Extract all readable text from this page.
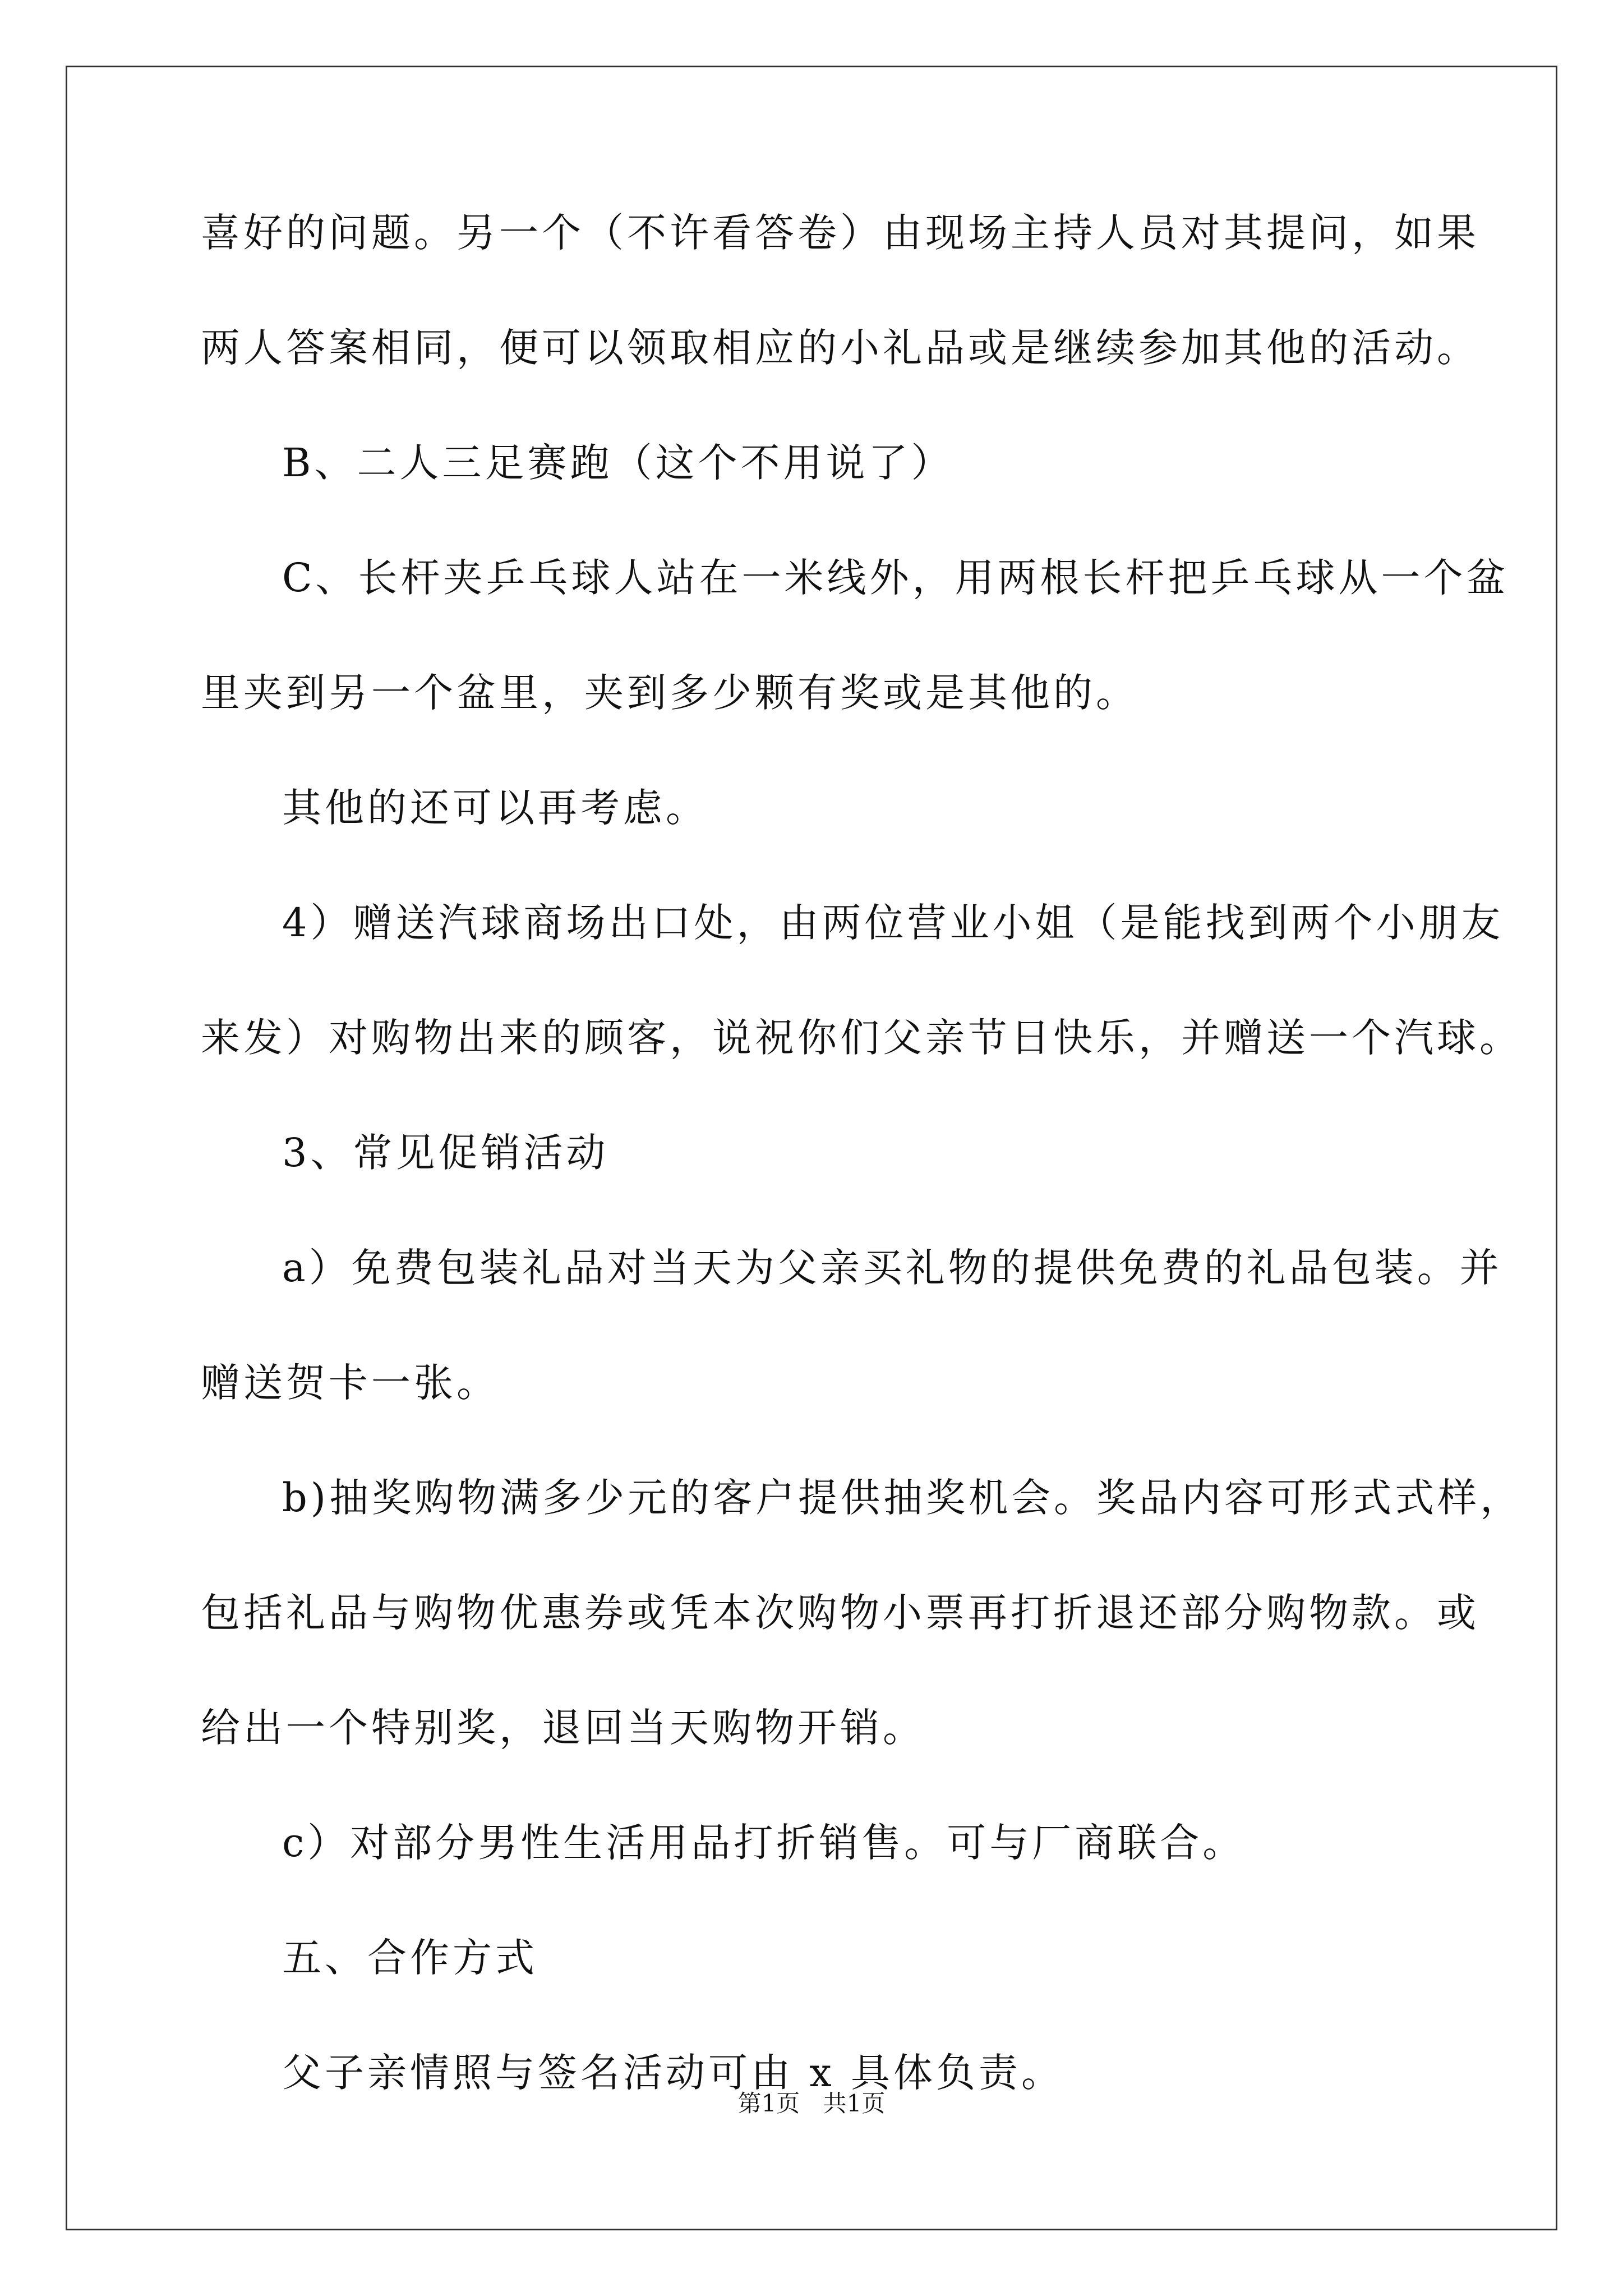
喜好的问题。另一个（不许看答卷）由现场主持人员对其提问，如果
两人答案相同，便可以领取相应的小礼品或是继续参加其他的活动。
B、二人三足赛跑（这个不用说了）
C、长杆夹乒乓球人站在一米线外，用两根长杆把乒乓球从一个盆
里夹到另一个盆里，夹到多少颗有奖或是其他的。
其他的还可以再考虑。
4）赠送汽球商场出口处，由两位营业小姐（是能找到两个小朋友
来发）对购物出来的顾客，说祝你们父亲节日快乐，并赠送一个汽球。
3、常见促销活动
a）免费包装礼品对当天为父亲买礼物的提供免费的礼品包装。并
赠送贺卡一张。
b)抽奖购物满多少元的客户提供抽奖机会。奖品内容可形式式样，
包括礼品与购物优惠券或凭本次购物小票再打折退还部分购物款。或
给出一个特别奖，退回当天购物开销。
c）对部分男性生活用品打折销售。可与厂商联合。
五、合作方式
父子亲情照与签名活动可由 x 具体负责。
第1页 共1页
